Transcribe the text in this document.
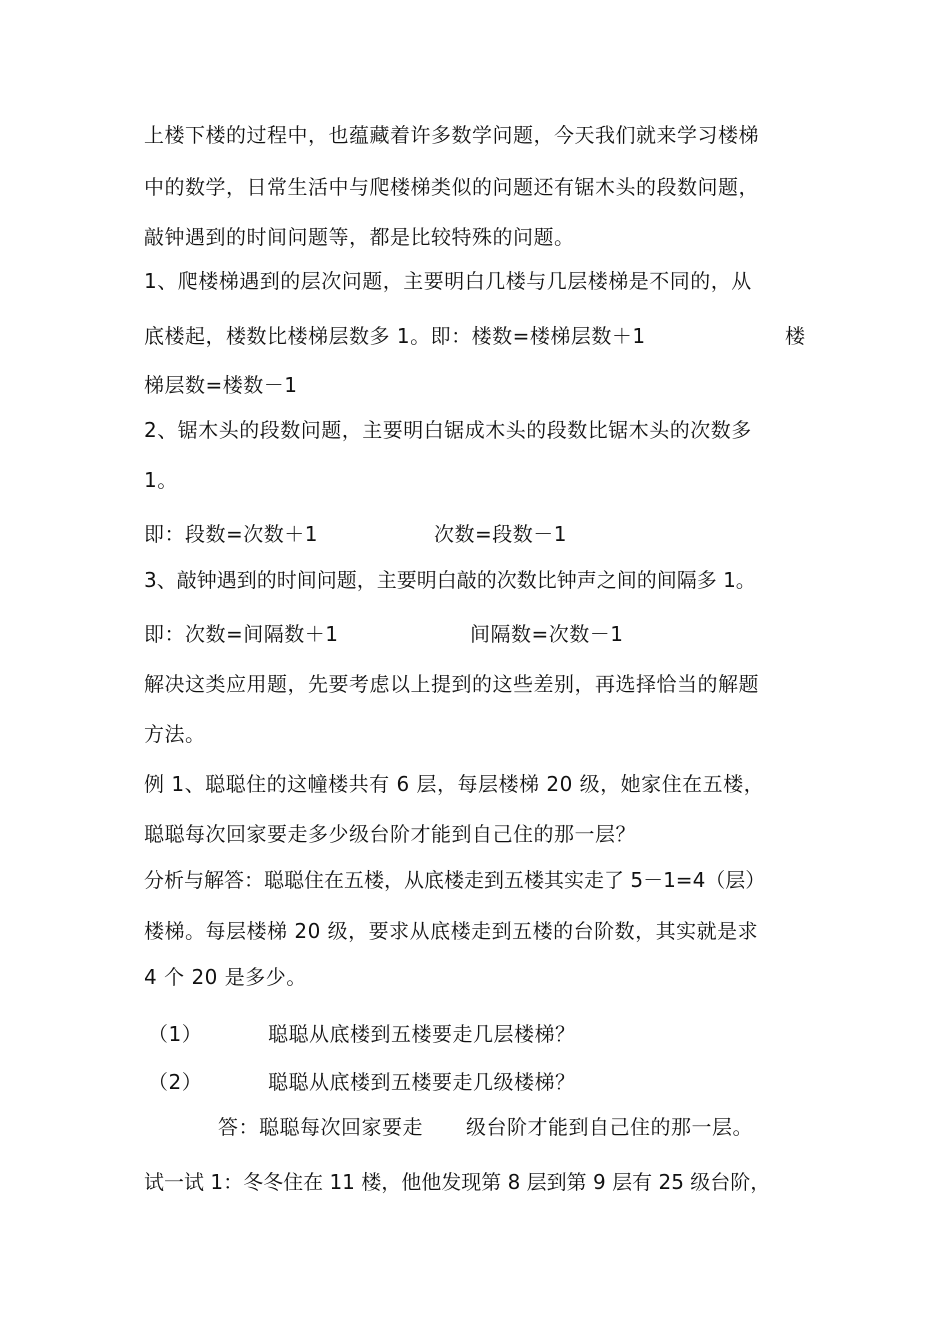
上楼下楼的过程中，也蕴藏着许多数学问题，今天我们就来学习楼梯
中的数学，日常生活中与爬楼梯类似的问题还有锯木头的段数问题，
敲钟遇到的时间问题等，都是比较特殊的问题。
1、爬楼梯遇到的层次问题，主要明白几楼与几层楼梯是不同的，从
底楼起，楼数比楼梯层数多 1。即：楼数=楼梯层数＋1	楼
梯层数=楼数－1
2、锯木头的段数问题，主要明白锯成木头的段数比锯木头的次数多
1。
即：段数=次数＋1	次数=段数－1
3、敲钟遇到的时间问题，主要明白敲的次数比钟声之间的间隔多 1。
即：次数=间隔数＋1	间隔数=次数－1
解决这类应用题，先要考虑以上提到的这些差别，再选择恰当的解题
方法。
例 1、聪聪住的这幢楼共有 6 层，每层楼梯 20 级，她家住在五楼，
聪聪每次回家要走多少级台阶才能到自己住的那一层？
分析与解答：聪聪住在五楼，从底楼走到五楼其实走了 5－1=4（层）
楼梯。每层楼梯 20 级，要求从底楼走到五楼的台阶数，其实就是求
4 个 20 是多少。
（1）	聪聪从底楼到五楼要走几层楼梯？
（2）	聪聪从底楼到五楼要走几级楼梯？
答：聪聪每次回家要走 级台阶才能到自己住的那一层。
试一试 1：冬冬住在 11 楼，他他发现第 8 层到第 9 层有 25 级台阶，
